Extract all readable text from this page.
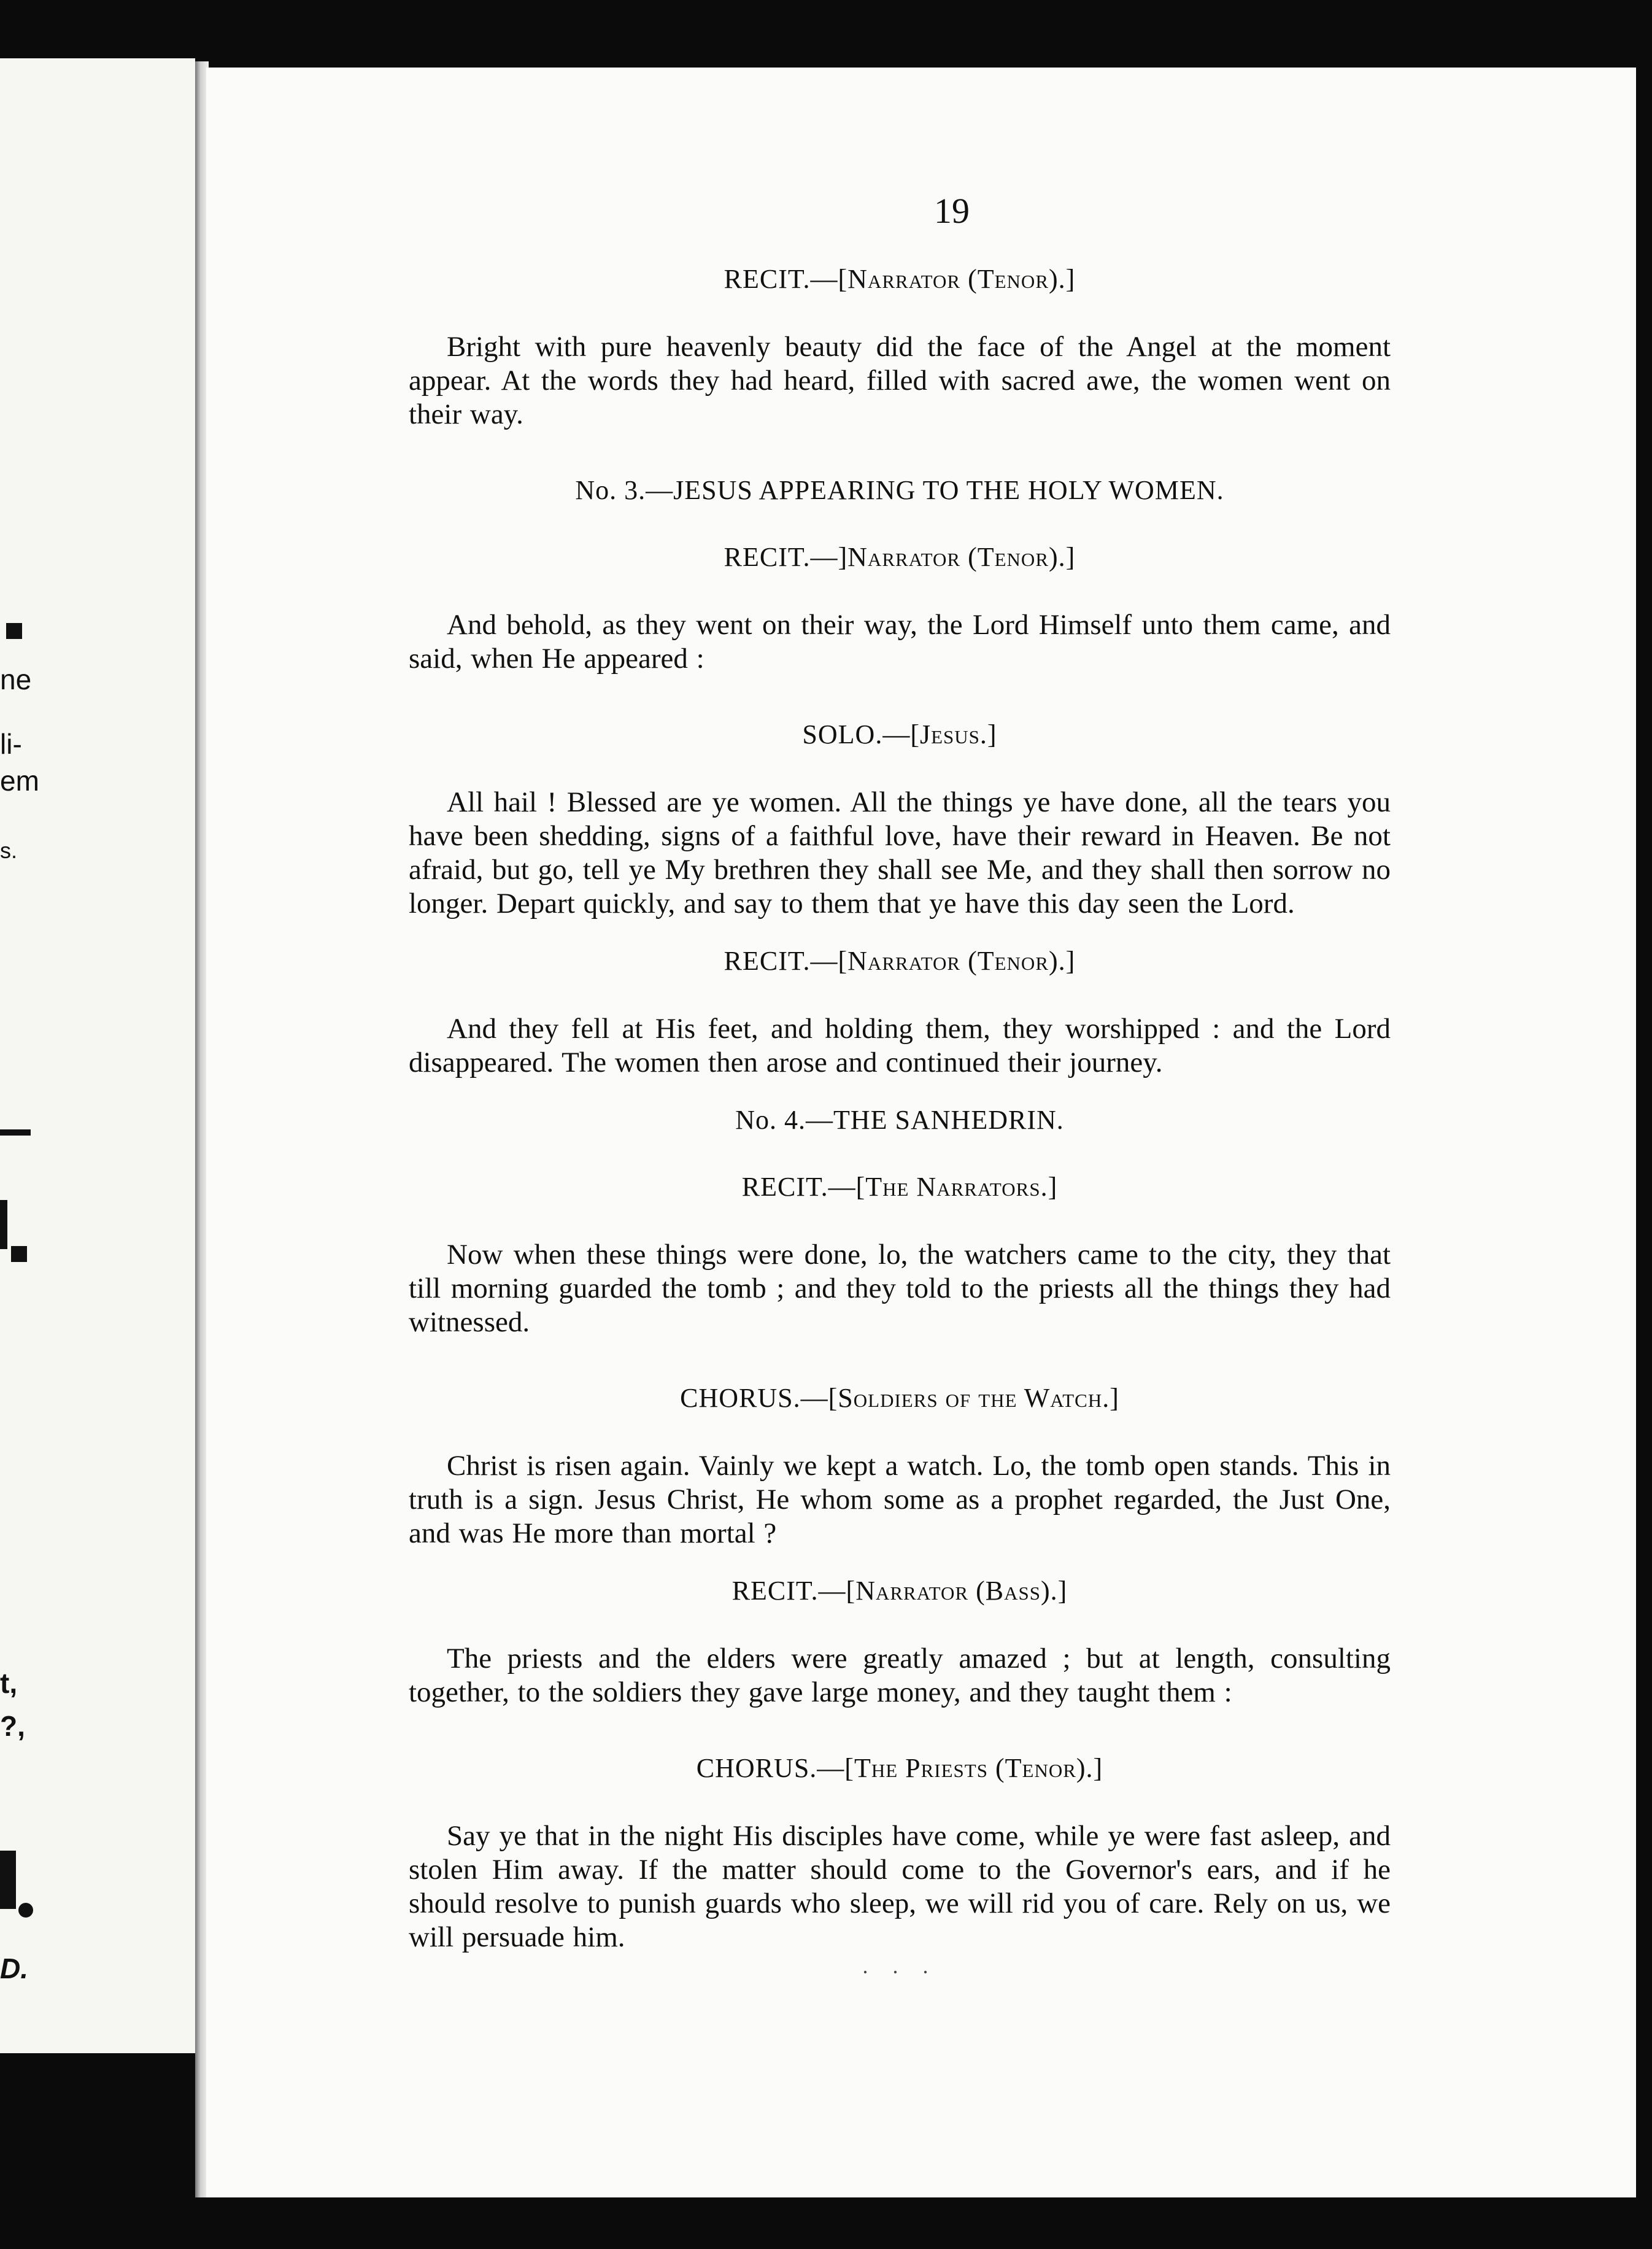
ne
li-
em
s.
t,
?,
D.

19

RECIT.—[Narrator (Tenor).]

Bright with pure heavenly beauty did the face of the Angel at the moment appear. At the words they had heard, filled with sacred awe, the women went on their way.

No. 3.—JESUS APPEARING TO THE HOLY WOMEN.

RECIT.—]Narrator (Tenor).]

And behold, as they went on their way, the Lord Himself unto them came, and said, when He appeared :

SOLO.—[Jesus.]

All hail ! Blessed are ye women. All the things ye have done, all the tears you have been shedding, signs of a faithful love, have their reward in Heaven. Be not afraid, but go, tell ye My brethren they shall see Me, and they shall then sorrow no longer. Depart quickly, and say to them that ye have this day seen the Lord.

RECIT.—[Narrator (Tenor).]

And they fell at His feet, and holding them, they worshipped : and the Lord disappeared. The women then arose and continued their journey.

No. 4.—THE SANHEDRIN.

RECIT.—[The Narrators.]

Now when these things were done, lo, the watchers came to the city, they that till morning guarded the tomb ; and they told to the priests all the things they had witnessed.

CHORUS.—[Soldiers of the Watch.]

Christ is risen again. Vainly we kept a watch. Lo, the tomb open stands. This in truth is a sign. Jesus Christ, He whom some as a prophet regarded, the Just One, and was He more than mortal ?

RECIT.—[Narrator (Bass).]

The priests and the elders were greatly amazed ; but at length, consulting together, to the soldiers they gave large money, and they taught them :

CHORUS.—[The Priests (Tenor).]

Say ye that in the night His disciples have come, while ye were fast asleep, and stolen Him away. If the matter should come to the Governor's ears, and if he should resolve to punish guards who sleep, we will rid you of care. Rely on us, we will persuade him.

· · ·
